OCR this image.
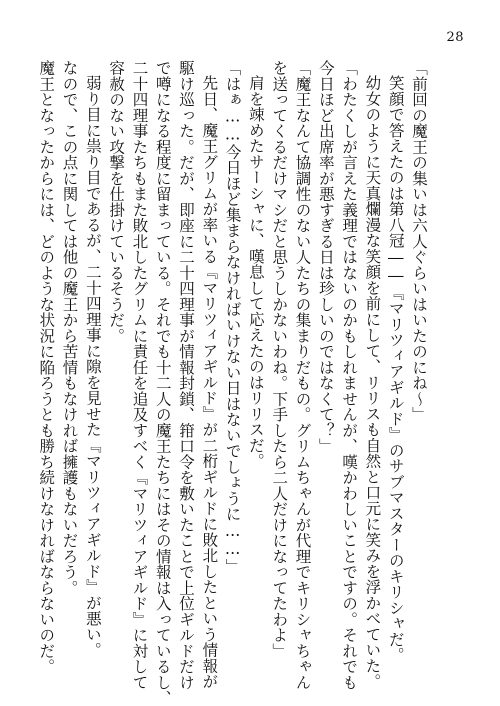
28
「前回の魔王の集いは六人ぐらいはいたのにね～」
笑顔で答えたのは第八冠――『マリツィアギルド』のサブマスターのキリシャだ。
幼女のように天真爛漫な笑顔を前にして、リリスも自然と口元に笑みを浮かべていた。
「わたくしが言えた義理ではないのかもしれませんが、嘆かわしいことですの。それでも
今日ほど出席率が悪すぎる日は珍しいのではなくて？」
「魔王なんて協調性のない人たちの集まりだもの。グリムちゃんが代理でキリシャちゃん
を送ってくるだけマシだと思うしかないわね。下手したら二人だけになってたわよ」
肩を竦めたサーシャに、嘆息して応えたのはリリスだ。
「はぁ……今日ほど集まらなければいけない日はないでしょうに……」
先日、魔王グリムが率いる『マリツィアギルド』が二桁ギルドに敗北したという情報が
駆け巡った。だが、即座に二十四理事が情報封鎖、箝口令を敷いたことで上位ギルドだけ
で噂になる程度に留まっている。それでも十二人の魔王たちにはその情報は入っているし、
二十四理事たちもまた敗北したグリムに責任を追及すべく『マリツィアギルド』に対して
容赦のない攻撃を仕掛けているそうだ。
弱り目に祟り目であるが、二十四理事に隙を見せた『マリツィアギルド』が悪い。
なので、この点に関しては他の魔王から苦情もなければ擁護もないだろう。
魔王となったからには、どのような状況に陥ろうとも勝ち続けなければならないのだ。
